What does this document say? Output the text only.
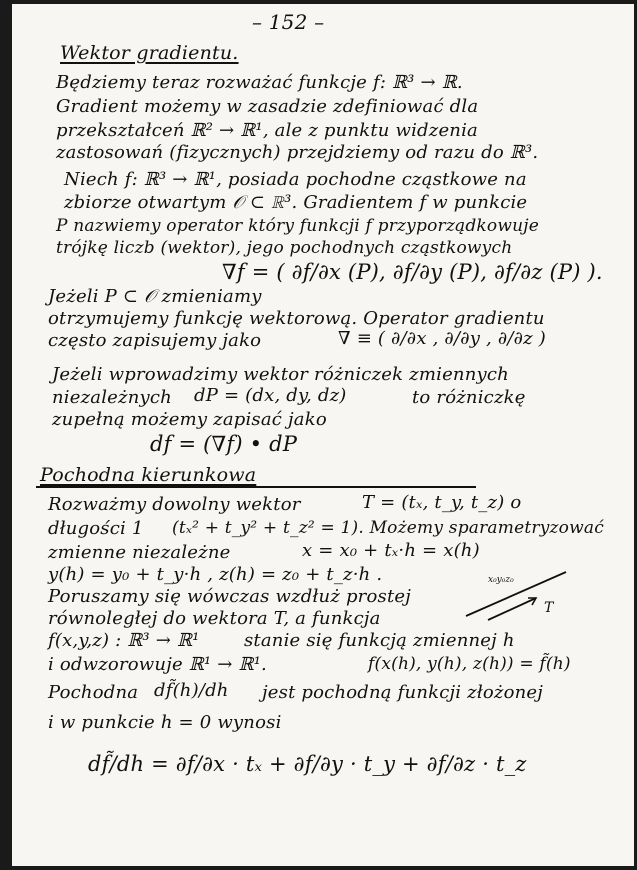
– 152 –
Wektor gradientu.
Będziemy teraz rozważać funkcje f: ℝ³ → ℝ.
Gradient możemy w zasadzie zdefiniować dla
przekształceń ℝ² → ℝ¹, ale z punktu widzenia
zastosowań (fizycznych) przejdziemy od razu do ℝ³.
Niech f: ℝ³ → ℝ¹, posiada pochodne cząstkowe na
zbiorze otwartym 𝒪 ⊂ ℝ³. Gradientem f w punkcie
P nazwiemy operator który funkcji f przyporządkowuje
trójkę liczb (wektor), jego pochodnych cząstkowych
∇f = ( ∂f/∂x (P), ∂f/∂y (P), ∂f/∂z (P) ).
Jeżeli P ⊂ 𝒪 zmieniamy
otrzymujemy funkcję wektorową. Operator gradientu
często zapisujemy jako	∇ ≡ ( ∂/∂x , ∂/∂y , ∂/∂z )
Jeżeli wprowadzimy wektor różniczek zmiennych
niezależnych	dP = (dx, dy, dz)	to różniczkę
zupełną możemy zapisać jako
df = (∇f) • dP
Pochodna kierunkowa
Rozważmy dowolny wektor	T = (tₓ, t_y, t_z) o
długości 1	(tₓ² + t_y² + t_z² = 1). Możemy sparametryzować
zmienne niezależne	x = x₀ + tₓ·h = x(h)
y(h) = y₀ + t_y·h , z(h) = z₀ + t_z·h .
Poruszamy się wówczas wzdłuż prostej
równoległej do wektora T, a funkcja
x₀y₀z₀
T
f(x,y,z) : ℝ³ → ℝ¹	stanie się funkcją zmiennej h
i odwzorowuje ℝ¹ → ℝ¹.	f(x(h), y(h), z(h)) = f̃(h)
Pochodna df̃(h)/dh	jest pochodną funkcji złożonej
i w punkcie h = 0 wynosi
df̃/dh = ∂f/∂x · tₓ + ∂f/∂y · t_y + ∂f/∂z · t_z
